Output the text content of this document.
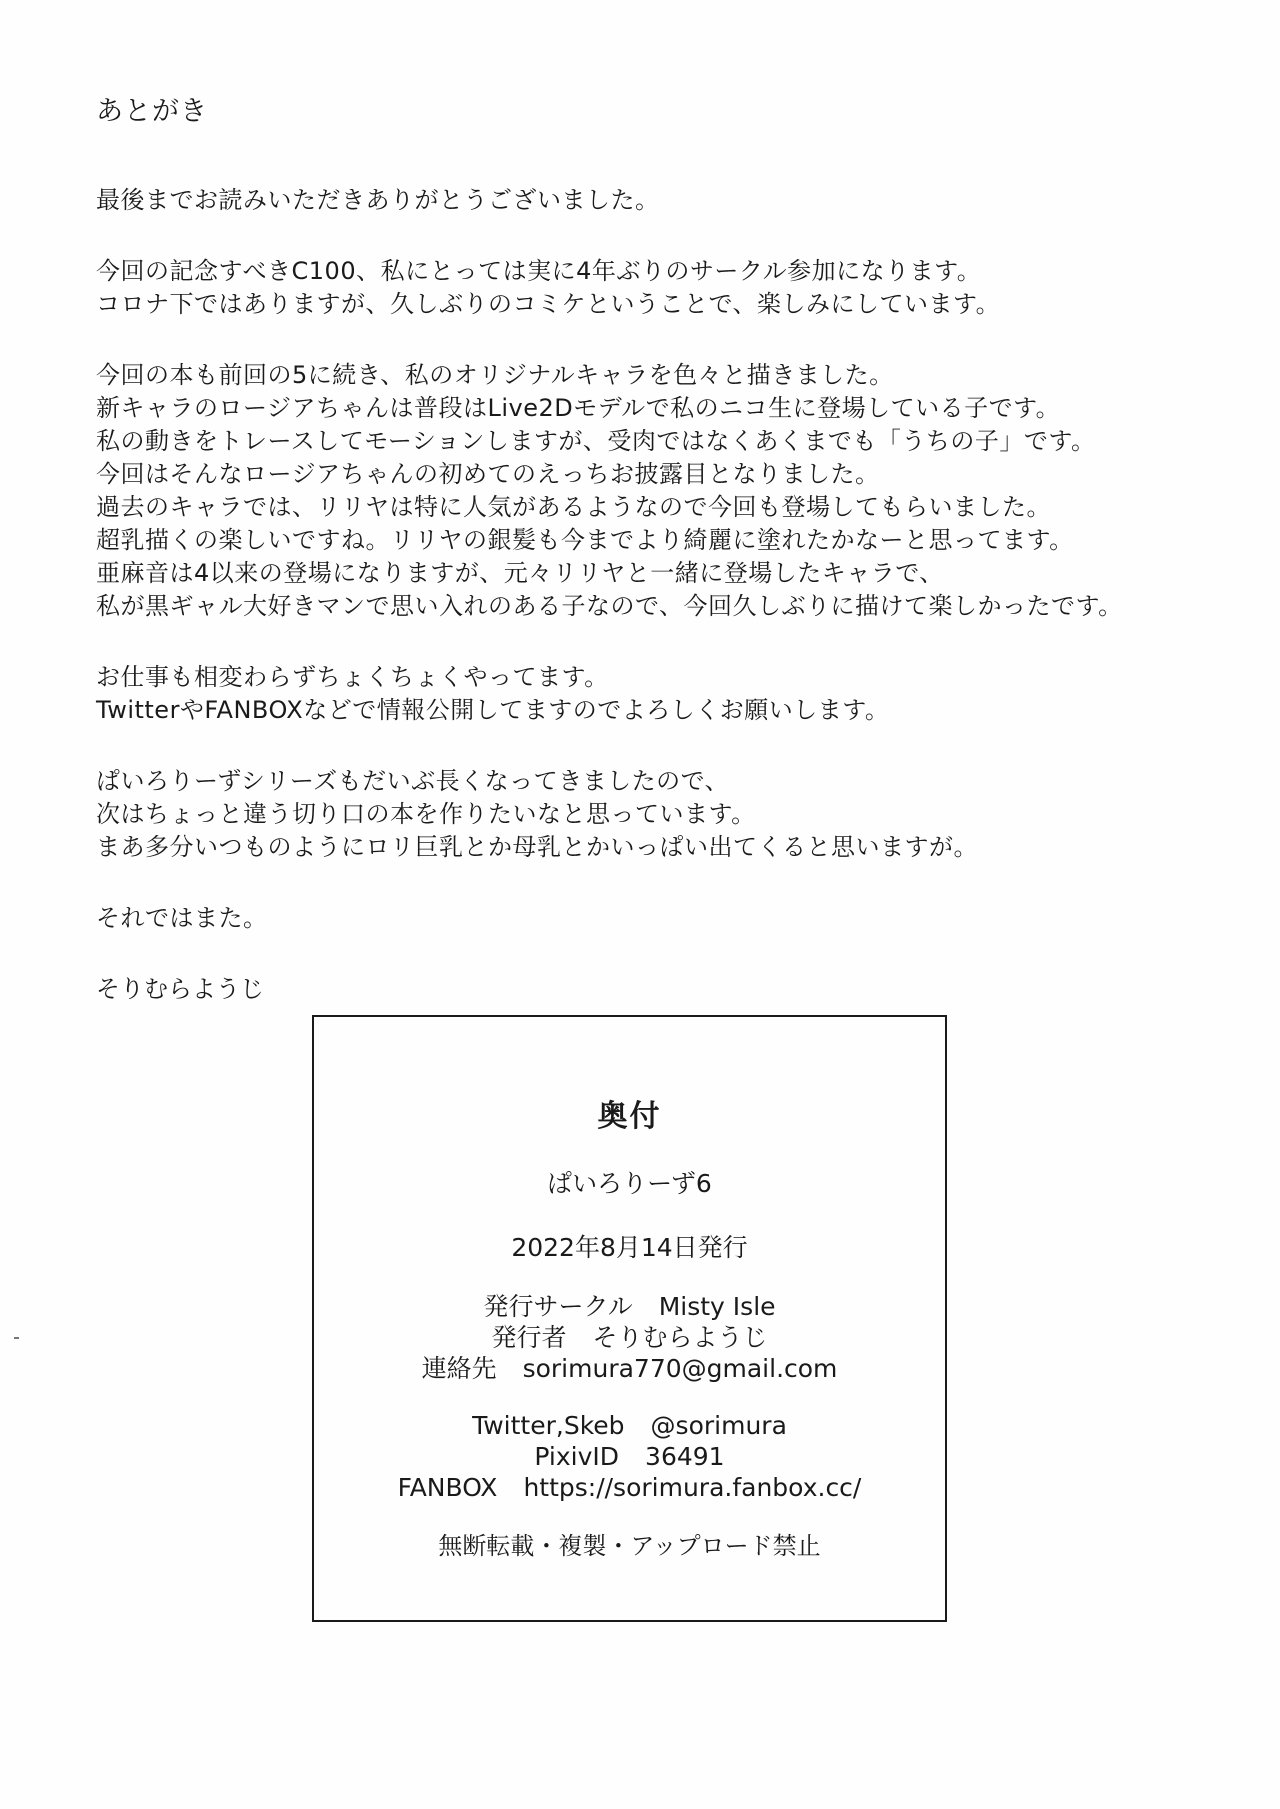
あとがき
最後までお読みいただきありがとうございました。
今回の記念すべきC100、私にとっては実に4年ぶりのサークル参加になります。
コロナ下ではありますが、久しぶりのコミケということで、楽しみにしています。
今回の本も前回の5に続き、私のオリジナルキャラを色々と描きました。
新キャラのロージアちゃんは普段はLive2Dモデルで私のニコ生に登場している子です。
私の動きをトレースしてモーションしますが、受肉ではなくあくまでも「うちの子」です。
今回はそんなロージアちゃんの初めてのえっちお披露目となりました。
過去のキャラでは、リリヤは特に人気があるようなので今回も登場してもらいました。
超乳描くの楽しいですね。リリヤの銀髪も今までより綺麗に塗れたかなーと思ってます。
亜麻音は4以来の登場になりますが、元々リリヤと一緒に登場したキャラで、
私が黒ギャル大好きマンで思い入れのある子なので、今回久しぶりに描けて楽しかったです。
お仕事も相変わらずちょくちょくやってます。
TwitterやFANBOXなどで情報公開してますのでよろしくお願いします。
ぱいろりーずシリーズもだいぶ長くなってきましたので、
次はちょっと違う切り口の本を作りたいなと思っています。
まあ多分いつものようにロリ巨乳とか母乳とかいっぱい出てくると思いますが。
それではまた。
そりむらようじ
奥付
ぱいろりーず6
2022年8月14日発行
発行サークル Misty Isle
発行者 そりむらようじ
連絡先 sorimura770@gmail.com
Twitter,Skeb @sorimura
PixivID 36491
FANBOX https://sorimura.fanbox.cc/
無断転載・複製・アップロード禁止
